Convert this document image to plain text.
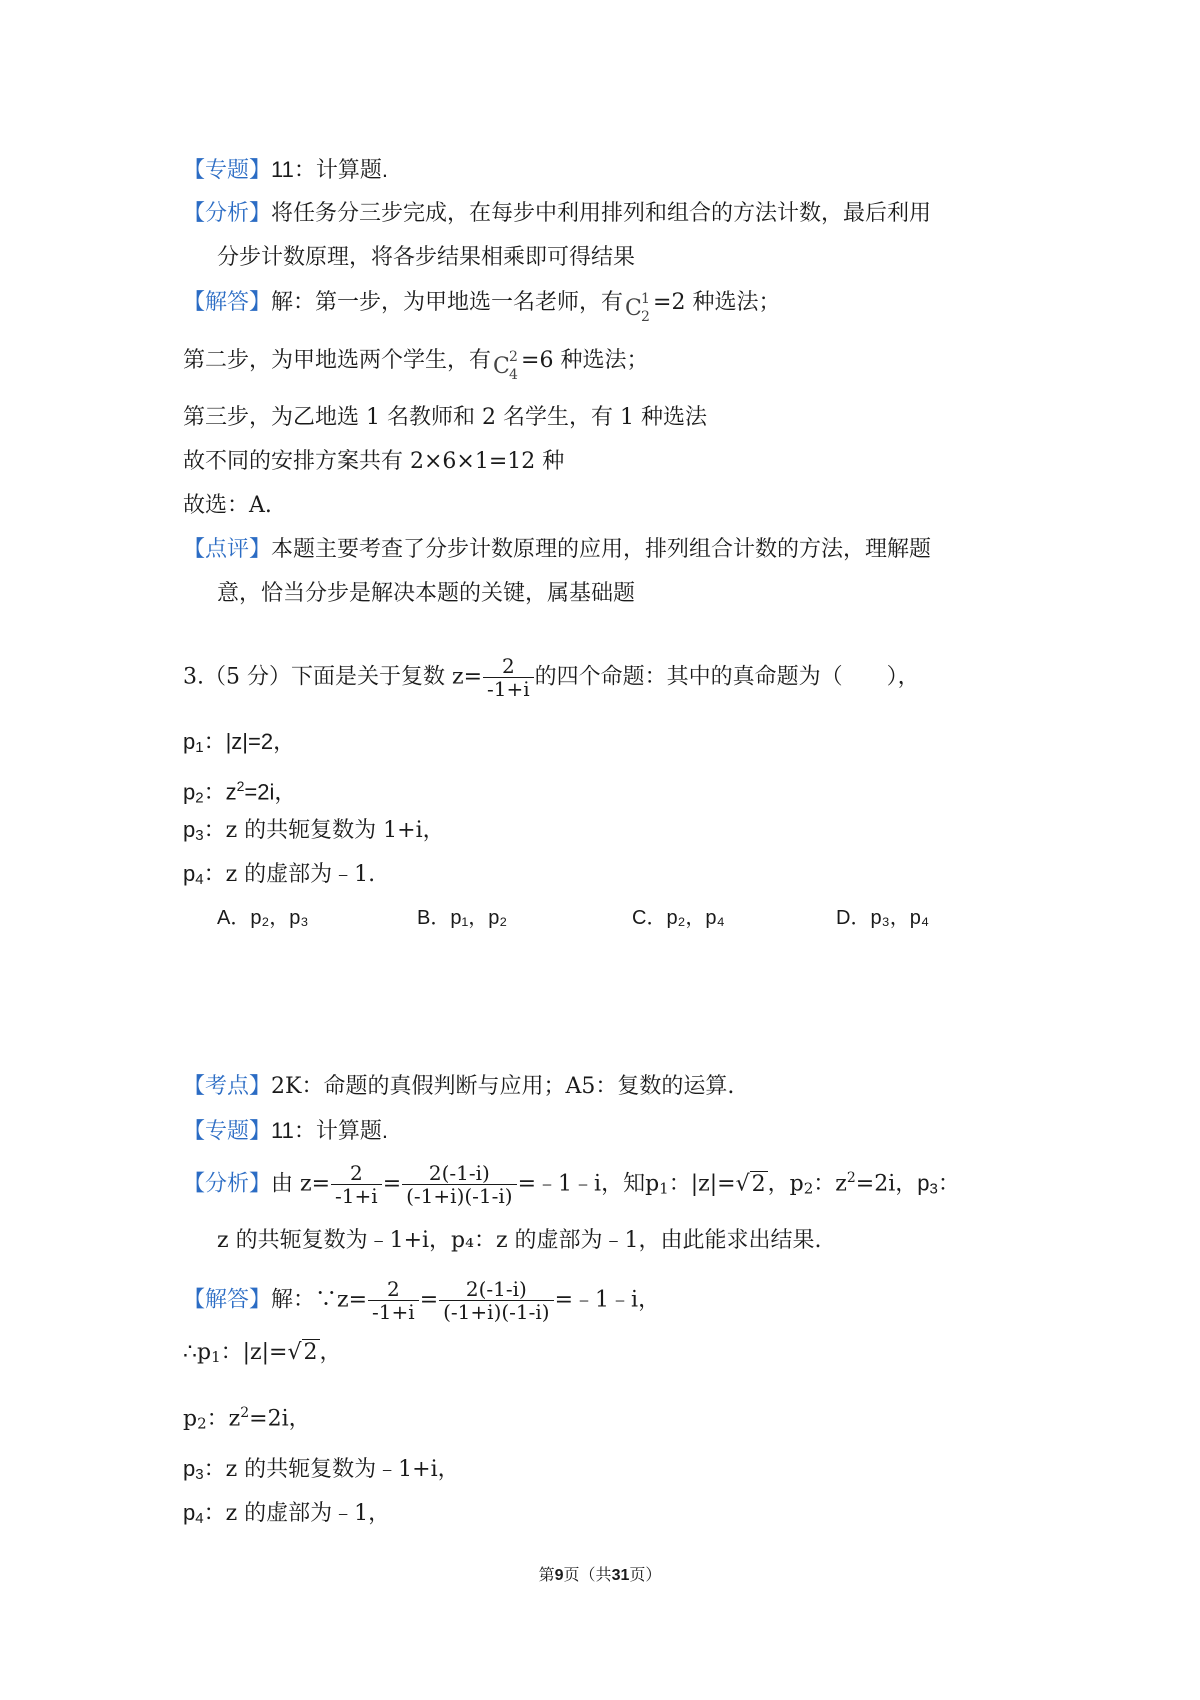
【专题】11：计算题.
【分析】将任务分三步完成，在每步中利用排列和组合的方法计数，最后利用
分步计数原理，将各步结果相乘即可得结果
【解答】解：第一步，为甲地选一名老师，有 C 1
2
=2 种选法；
第二步，为甲地选两个学生，有 C 2
4
=6 种选法；
第三步，为乙地选 1 名教师和 2 名学生，有 1 种选法
故不同的安排方案共有 2×6×1=12 种
故选：A.
【点评】本题主要考查了分步计数原理的应用，排列组合计数的方法，理解题
意，恰当分步是解决本题的关键，属基础题
3.（5 分）下面是关于复数 $z= \frac{2}{-1+i}$ 的四个命题：其中的真命题为（　　），
$p_1$：|z|=2，
$p_2$：$z^2=2i$，
$p_3$：z 的共轭复数为 1+i，
$p_4$：z 的虚部为﹣1.
A．p₂，p₃	B．p₁，p₂	C．p₂，p₄	D．p₃，p₄
【考点】2K：命题的真假判断与应用；A5：复数的运算.
【专题】11：计算题.
【分析】由 $z= \frac{2}{-1+i} = \frac{2(-1-i)}{(-1+i)(-1-i)}$ =﹣1﹣i，知$p_1$：|z|=√2，$p_2$：$z^2=2i$，$p_3$：
z 的共轭复数为﹣1+i，p₄：z 的虚部为﹣1，由此能求出结果.
【解答】解：∵z= $\frac{2}{-1+i} = \frac{2(-1-i)}{(-1+i)(-1-i)}$ =﹣1﹣i，
$\therefore p_1$：|z|=√2，
$p_2$：$z^2=2i$，
$p_3$：z 的共轭复数为﹣1+i，
$p_4$：z 的虚部为﹣1，
第9页（共31页）
